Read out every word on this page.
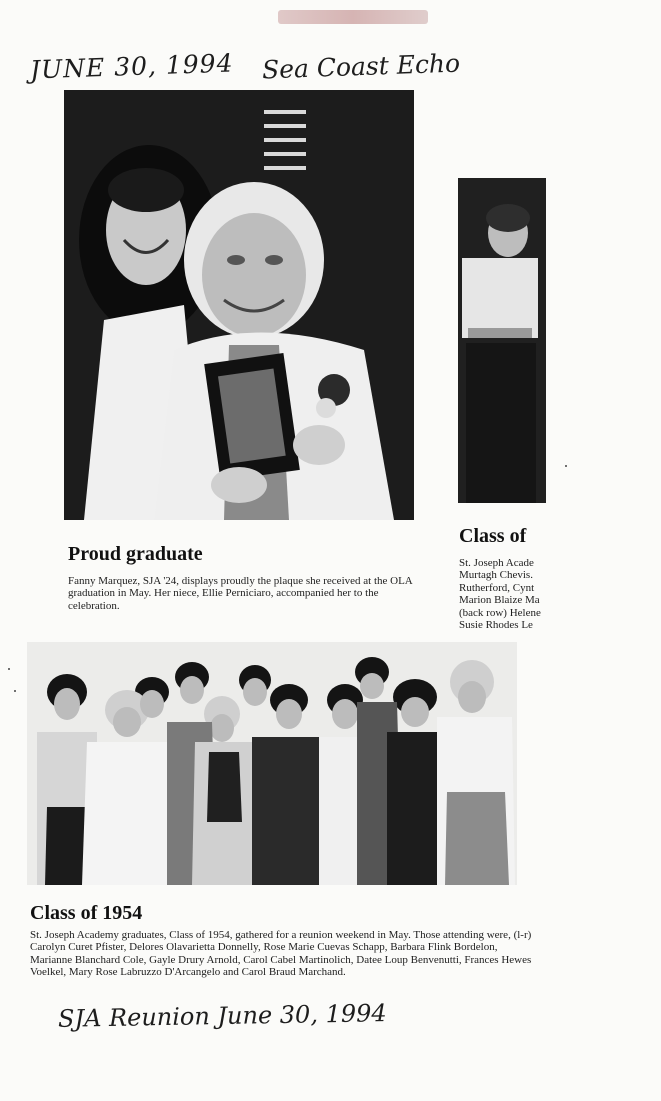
JUNE 30, 1994 Sea Coast Echo
Proud graduate
Fanny Marquez, SJA '24, displays proudly the plaque she received at the OLA graduation in May. Her niece, Ellie Perniciaro, accompanied her to the celebration.
Class of
St. Joseph Acade
Murtagh Chevis.
Rutherford, Cynt
Marion Blaize Ma
(back row) Helene
Susie Rhodes Le
Class of 1954
St. Joseph Academy graduates, Class of 1954, gathered for a reunion weekend in May. Those attending were, (l-r) Carolyn Curet Pfister, Delores Olavarietta Donnelly, Rose Marie Cuevas Schapp, Barbara Flink Bordelon, Marianne Blanchard Cole, Gayle Drury Arnold, Carol Cabel Martinolich, Datee Loup Benvenutti, Frances Hewes Voelkel, Mary Rose Labruzzo D'Arcangelo and Carol Braud Marchand.
SJA Reunion June 30, 1994
